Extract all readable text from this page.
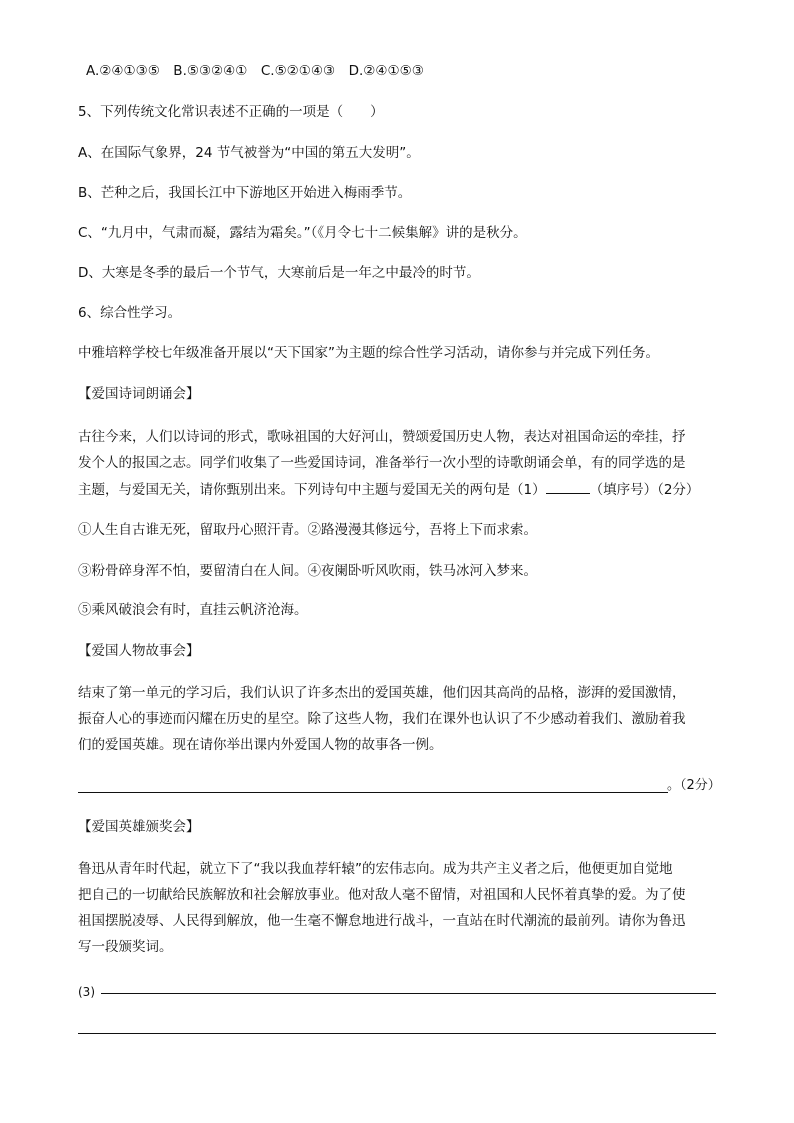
A.②④①③⑤　B.⑤③②④①　C.⑤②①④③　D.②④①⑤③
5、下列传统文化常识表述不正确的一项是（　　）
A、在国际气象界，24 节气被誉为“中国的第五大发明”。
B、芒种之后，我国长江中下游地区开始进入梅雨季节。
C、“九月中，气肃而凝，露结为霜矣。”（《月令七十二候集解》讲的是秋分。
D、大寒是冬季的最后一个节气，大寒前后是一年之中最冷的时节。
6、综合性学习。
中雅培粹学校七年级准备开展以“天下国家”为主题的综合性学习活动，请你参与并完成下列任务。
【爱国诗词朗诵会】
古往今来，人们以诗词的形式，歌咏祖国的大好河山，赞颂爱国历史人物，表达对祖国命运的牵挂，抒
发个人的报国之志。同学们收集了一些爱国诗词，准备举行一次小型的诗歌朗诵会单，有的同学选的是
主题，与爱国无关，请你甄别出来。下列诗句中主题与爱国无关的两句是（1）	（填序号）（2分）
①人生自古谁无死，留取丹心照汗青。②路漫漫其修远兮，吾将上下而求索。
③粉骨碎身浑不怕，要留清白在人间。④夜阑卧听风吹雨，铁马冰河入梦来。
⑤乘风破浪会有时，直挂云帆济沧海。
【爱国人物故事会】
结束了第一单元的学习后，我们认识了许多杰出的爱国英雄，他们因其高尚的品格，澎湃的爱国激情，
振奋人心的事迹而闪耀在历史的星空。除了这些人物，我们在课外也认识了不少感动着我们、激励着我
们的爱国英雄。现在请你举出课内外爱国人物的故事各一例。
。（2分）
【爱国英雄颁奖会】
鲁迅从青年时代起，就立下了“我以我血荐轩辕”的宏伟志向。成为共产主义者之后，他便更加自觉地
把自己的一切献给民族解放和社会解放事业。他对敌人毫不留情，对祖国和人民怀着真挚的爱。为了使
祖国摆脱凌辱、人民得到解放，他一生毫不懈怠地进行战斗，一直站在时代潮流的最前列。请你为鲁迅
写一段颁奖词。
(3)
